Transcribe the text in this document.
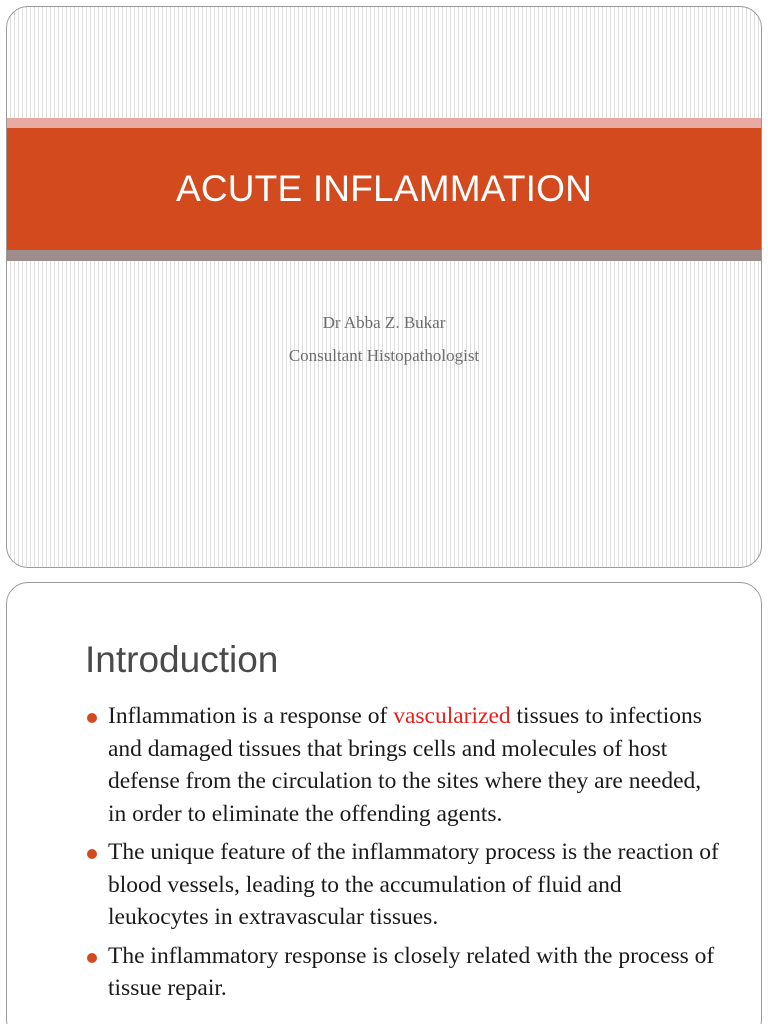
ACUTE INFLAMMATION
Dr Abba Z. Bukar
Consultant Histopathologist
Introduction
Inflammation is a response of vascularized tissues to infections and damaged tissues that brings cells and molecules of host defense from the circulation to the sites where they are needed, in order to eliminate the offending agents.
The unique feature of the inflammatory process is the reaction of blood vessels, leading to the accumulation of fluid and leukocytes in extravascular tissues.
The inflammatory response is closely related with the process of tissue repair.
